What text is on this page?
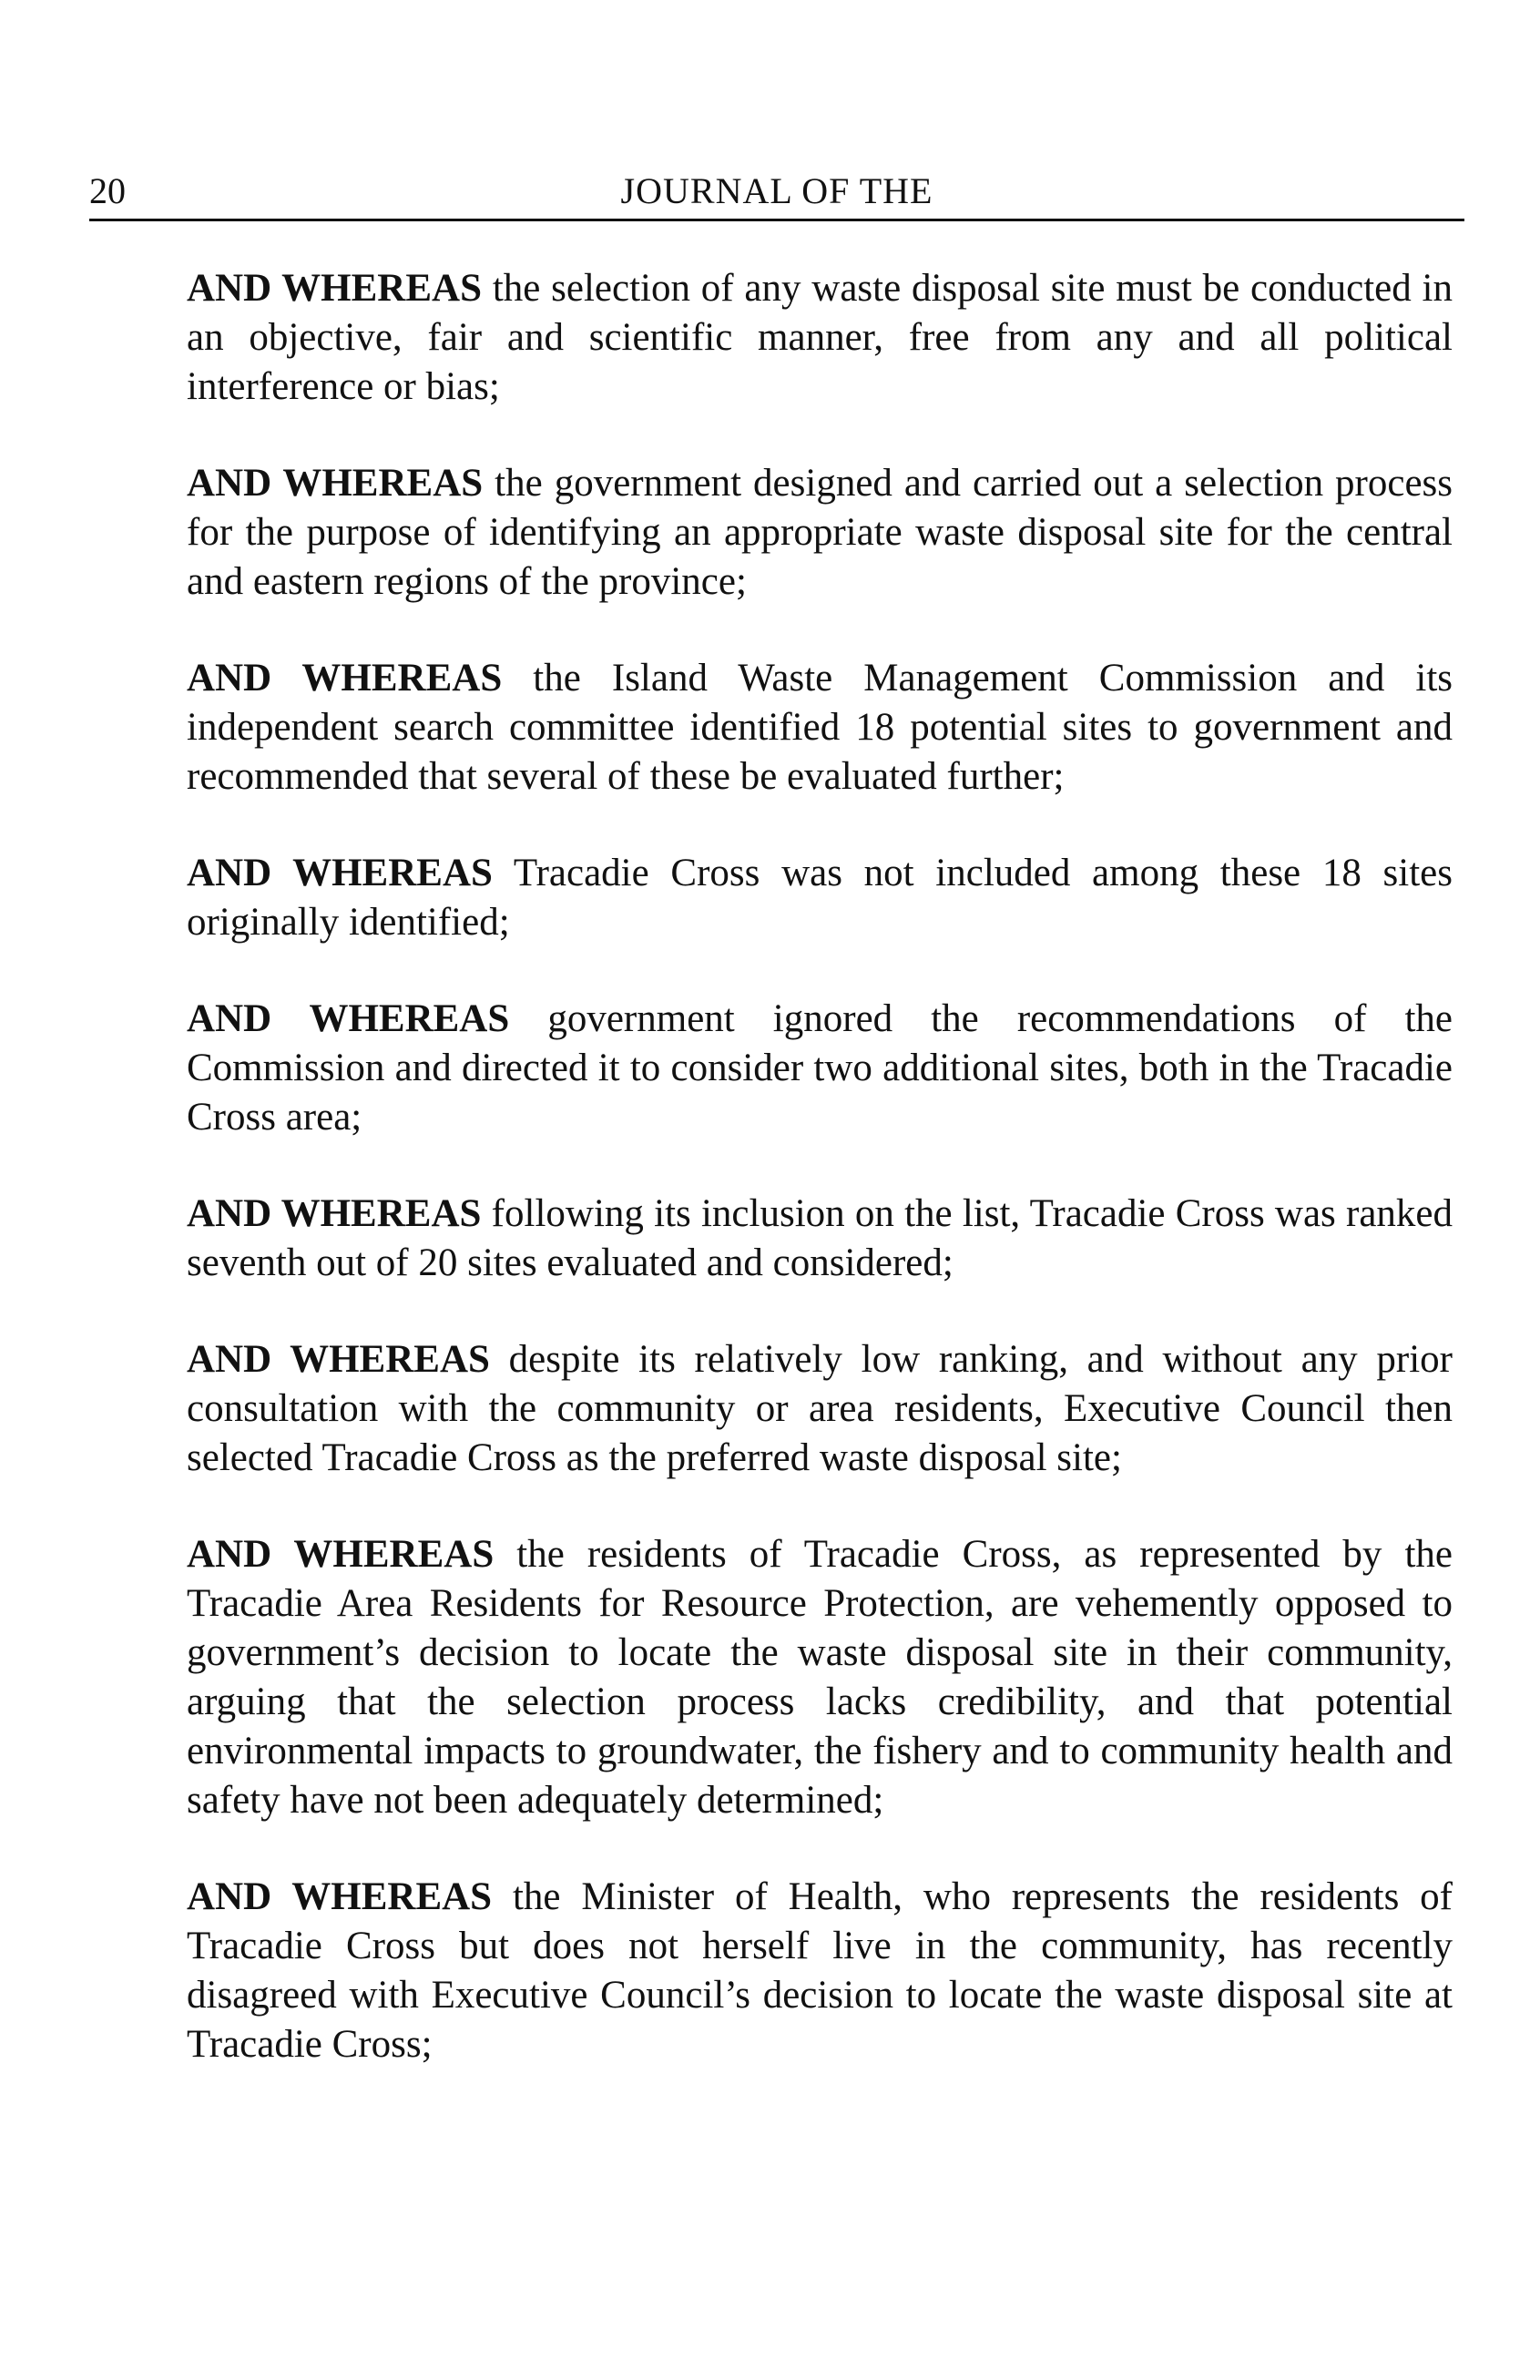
20	JOURNAL OF THE

AND WHEREAS the selection of any waste disposal site must be conducted in an objective, fair and scientific manner, free from any and all political interference or bias;

AND WHEREAS the government designed and carried out a selection process for the purpose of identifying an appropriate waste disposal site for the central and eastern regions of the province;

AND WHEREAS the Island Waste Management Commission and its independent search committee identified 18 potential sites to government and recommended that several of these be evaluated further;

AND WHEREAS Tracadie Cross was not included among these 18 sites originally identified;

AND WHEREAS government ignored the recommendations of the Commission and directed it to consider two additional sites, both in the Tracadie Cross area;

AND WHEREAS following its inclusion on the list, Tracadie Cross was ranked seventh out of 20 sites evaluated and considered;

AND WHEREAS despite its relatively low ranking, and without any prior consultation with the community or area residents, Executive Council then selected Tracadie Cross as the preferred waste disposal site;

AND WHEREAS the residents of Tracadie Cross, as represented by the Tracadie Area Residents for Resource Protection, are vehemently opposed to government’s decision to locate the waste disposal site in their community, arguing that the selection process lacks credibility, and that potential environmental impacts to groundwater, the fishery and to community health and safety have not been adequately determined;

AND WHEREAS the Minister of Health, who represents the residents of Tracadie Cross but does not herself live in the community, has recently disagreed with Executive Council’s decision to locate the waste disposal site at Tracadie Cross;
